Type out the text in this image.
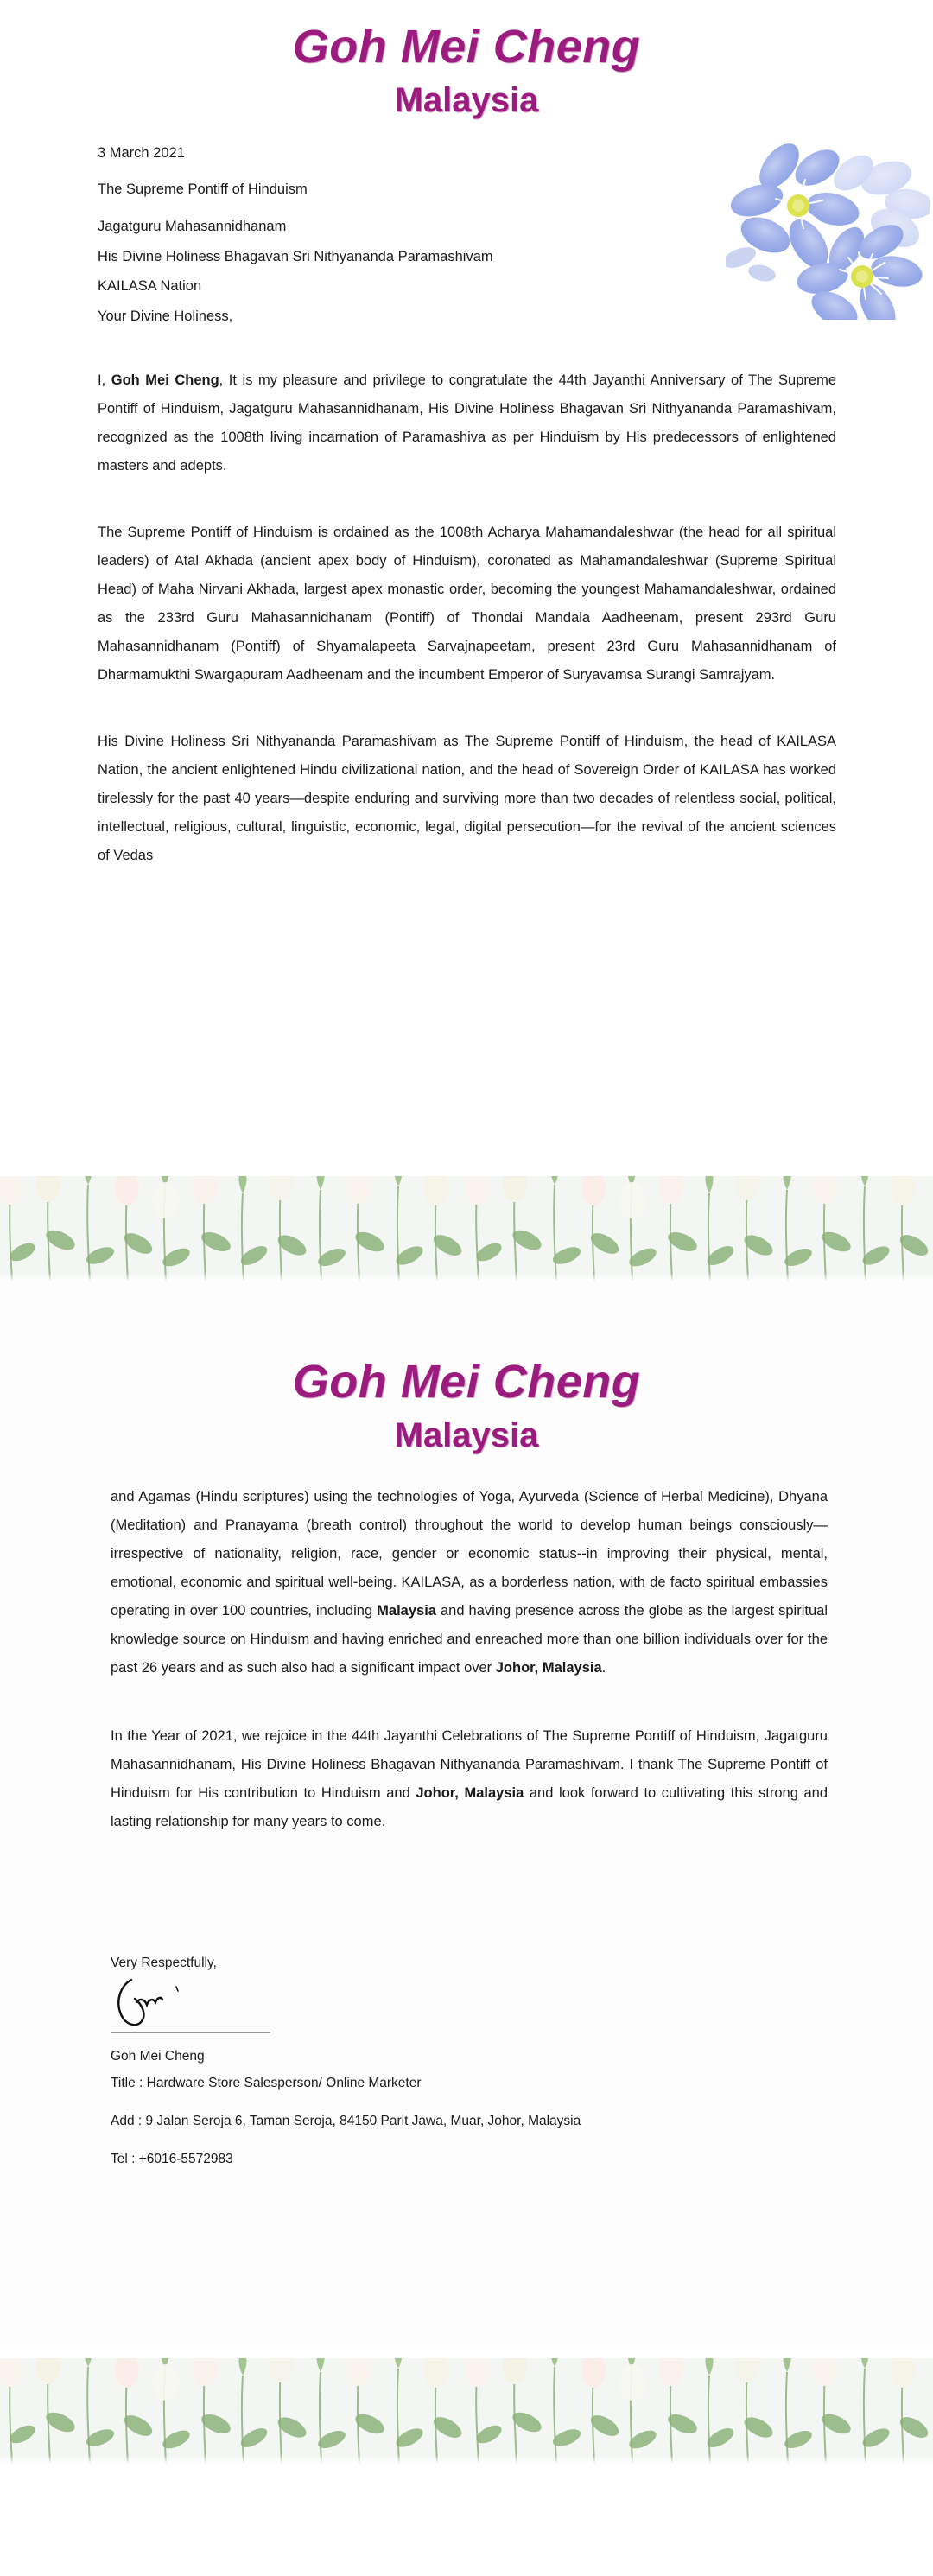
Goh Mei Cheng
Malaysia
3 March 2021
The Supreme Pontiff of Hinduism
Jagatguru Mahasannidhanam
His Divine Holiness Bhagavan Sri Nithyananda Paramashivam
KAILASA Nation
Your Divine Holiness,

I, Goh Mei Cheng, It is my pleasure and privilege to congratulate the 44th Jayanthi Anniversary of The Supreme Pontiff of Hinduism, Jagatguru Mahasannidhanam, His Divine Holiness Bhagavan Sri Nithyananda Paramashivam, recognized as the 1008th living incarnation of Paramashiva as per Hinduism by His predecessors of enlightened masters and adepts.

The Supreme Pontiff of Hinduism is ordained as the 1008th Acharya Mahamandaleshwar (the head for all spiritual leaders) of Atal Akhada (ancient apex body of Hinduism), coronated as Mahamandaleshwar (Supreme Spiritual Head) of Maha Nirvani Akhada, largest apex monastic order, becoming the youngest Mahamandaleshwar, ordained as the 233rd Guru Mahasannidhanam (Pontiff) of Thondai Mandala Aadheenam, present 293rd Guru Mahasannidhanam (Pontiff) of Shyamalapeeta Sarvajnapeetam, present 23rd Guru Mahasannidhanam of Dharmamukthi Swargapuram Aadheenam and the incumbent Emperor of Suryavamsa Surangi Samrajyam.

His Divine Holiness Sri Nithyananda Paramashivam as The Supreme Pontiff of Hinduism, the head of KAILASA Nation, the ancient enlightened Hindu civilizational nation, and the head of Sovereign Order of KAILASA has worked tirelessly for the past 40 years—despite enduring and surviving more than two decades of relentless social, political, intellectual, religious, cultural, linguistic, economic, legal, digital persecution—for the revival of the ancient sciences of Vedas

Goh Mei Cheng
Malaysia

and Agamas (Hindu scriptures) using the technologies of Yoga, Ayurveda (Science of Herbal Medicine), Dhyana (Meditation) and Pranayama (breath control) throughout the world to develop human beings consciously—irrespective of nationality, religion, race, gender or economic status--in improving their physical, mental, emotional, economic and spiritual well-being. KAILASA, as a borderless nation, with de facto spiritual embassies operating in over 100 countries, including Malaysia and having presence across the globe as the largest spiritual knowledge source on Hinduism and having enriched and enreached more than one billion individuals over for the past 26 years and as such also had a significant impact over Johor, Malaysia.

In the Year of 2021, we rejoice in the 44th Jayanthi Celebrations of The Supreme Pontiff of Hinduism, Jagatguru Mahasannidhanam, His Divine Holiness Bhagavan Nithyananda Paramashivam. I thank The Supreme Pontiff of Hinduism for His contribution to Hinduism and Johor, Malaysia and look forward to cultivating this strong and lasting relationship for many years to come.

Very Respectfully,
Goh Mei Cheng
Title : Hardware Store Salesperson/ Online Marketer
Add : 9 Jalan Seroja 6, Taman Seroja, 84150 Parit Jawa, Muar, Johor, Malaysia
Tel : +6016-5572983
